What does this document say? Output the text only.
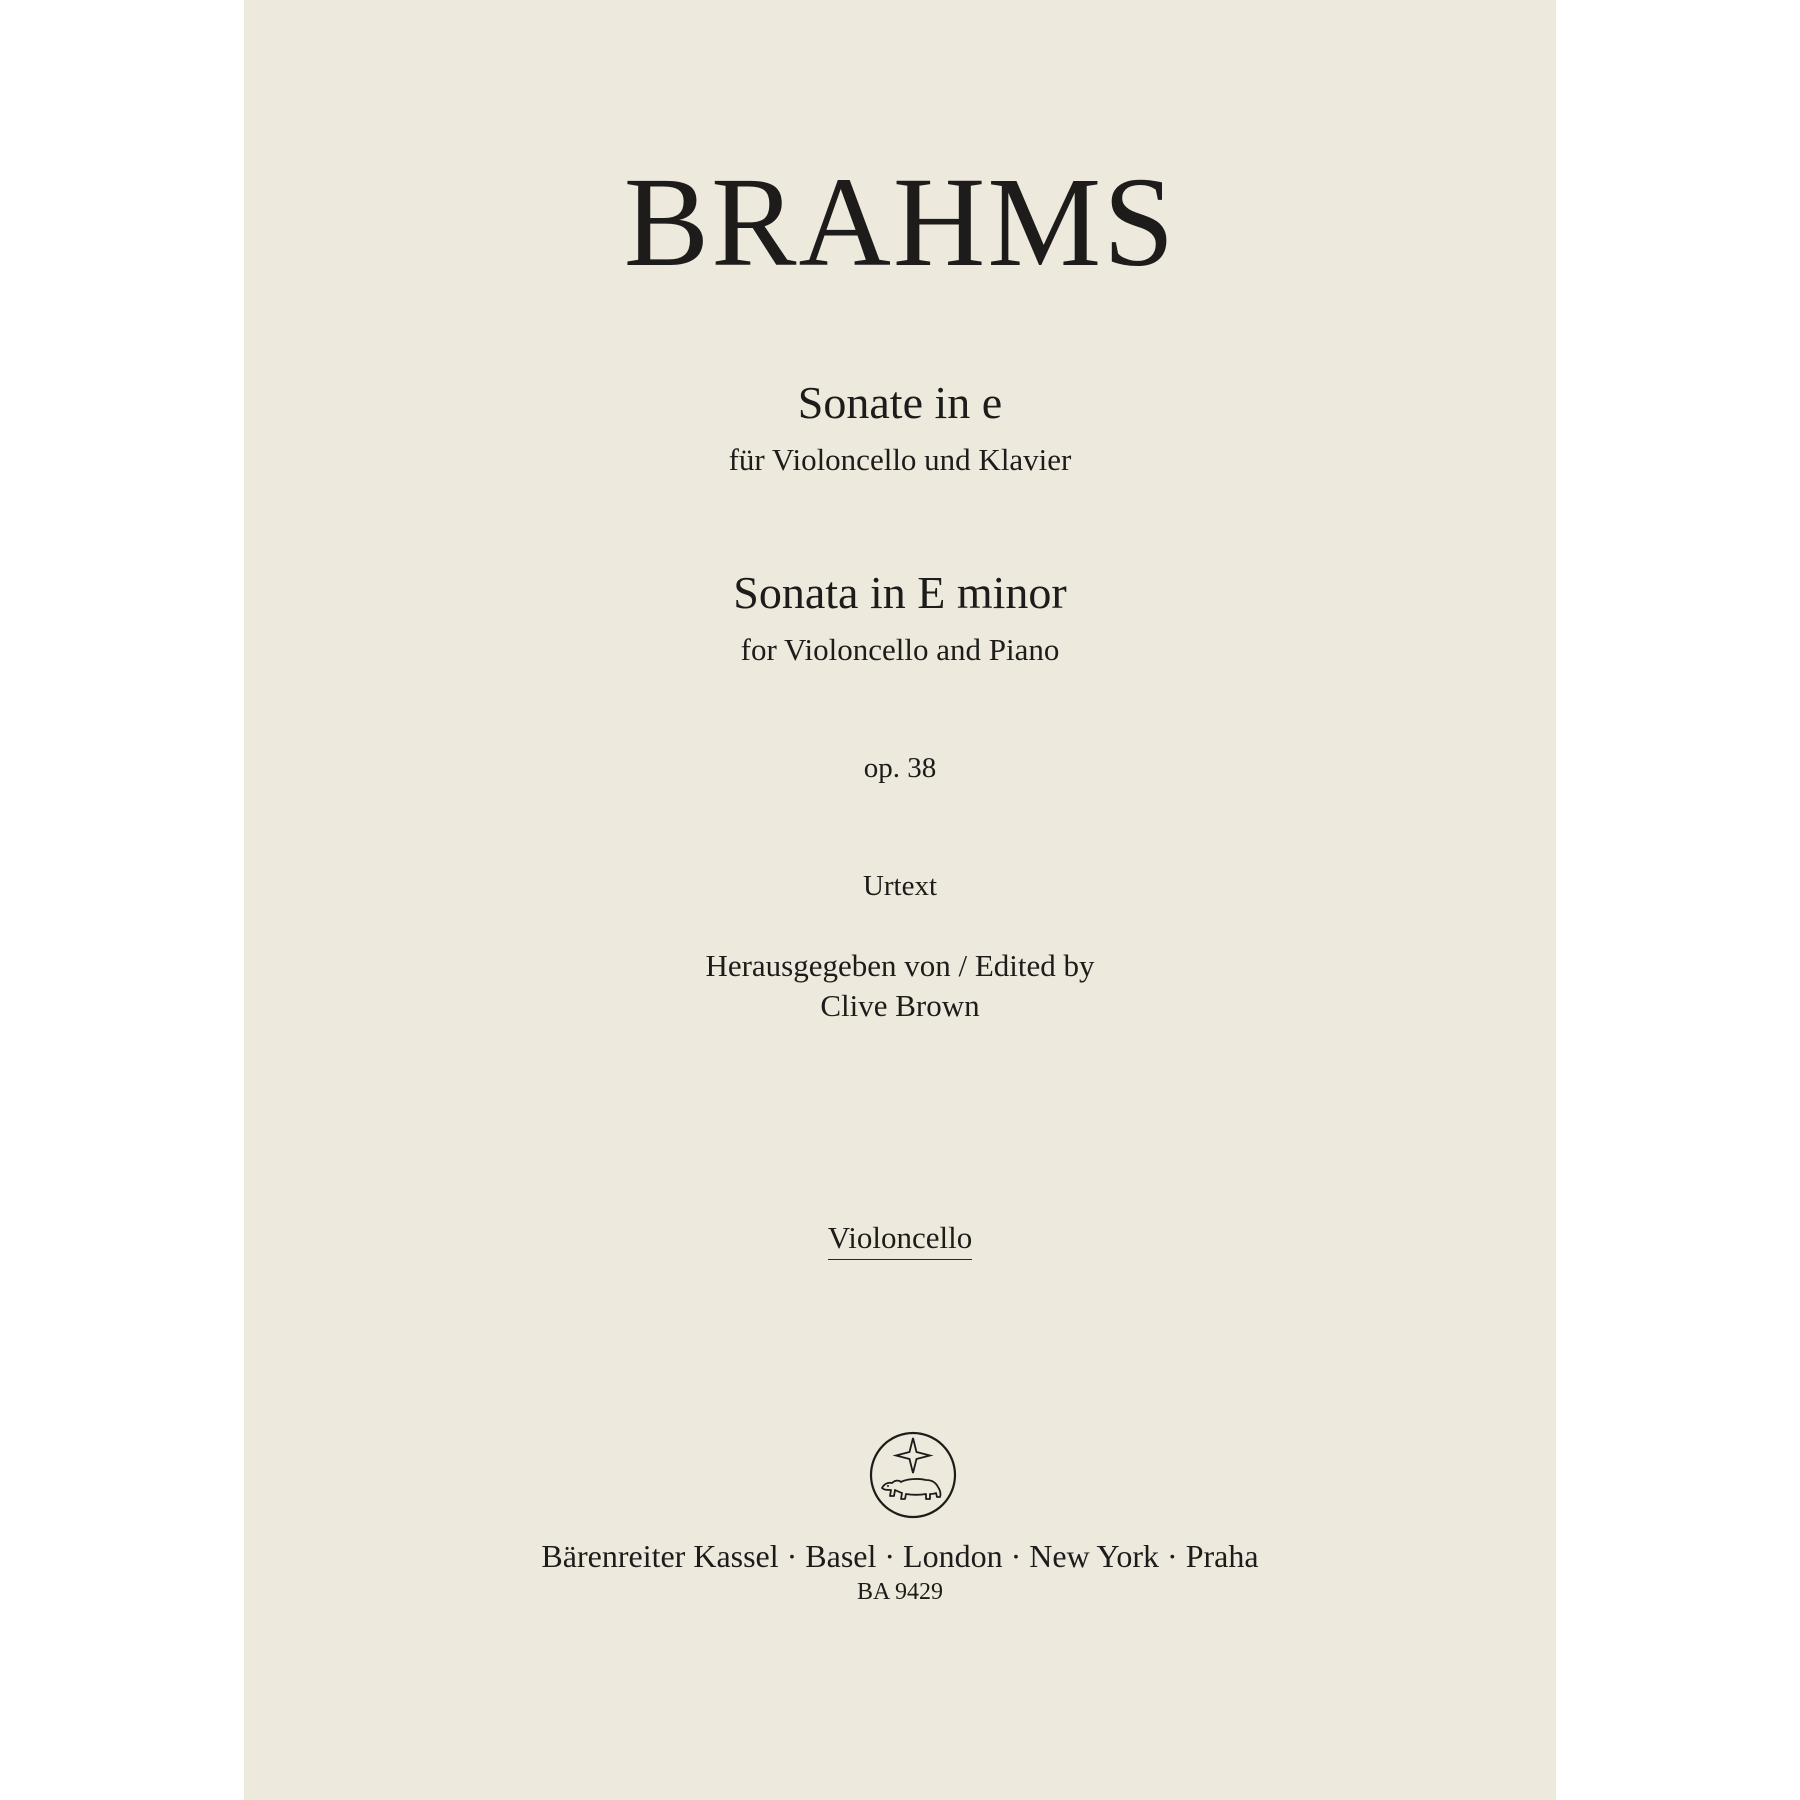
BRAHMS
Sonate in e
für Violoncello und Klavier
Sonata in E minor
for Violoncello and Piano
op. 38
Urtext
Herausgegeben von / Edited by
Clive Brown
Violoncello
Bärenreiter Kassel · Basel · London · New York · Praha
BA 9429
